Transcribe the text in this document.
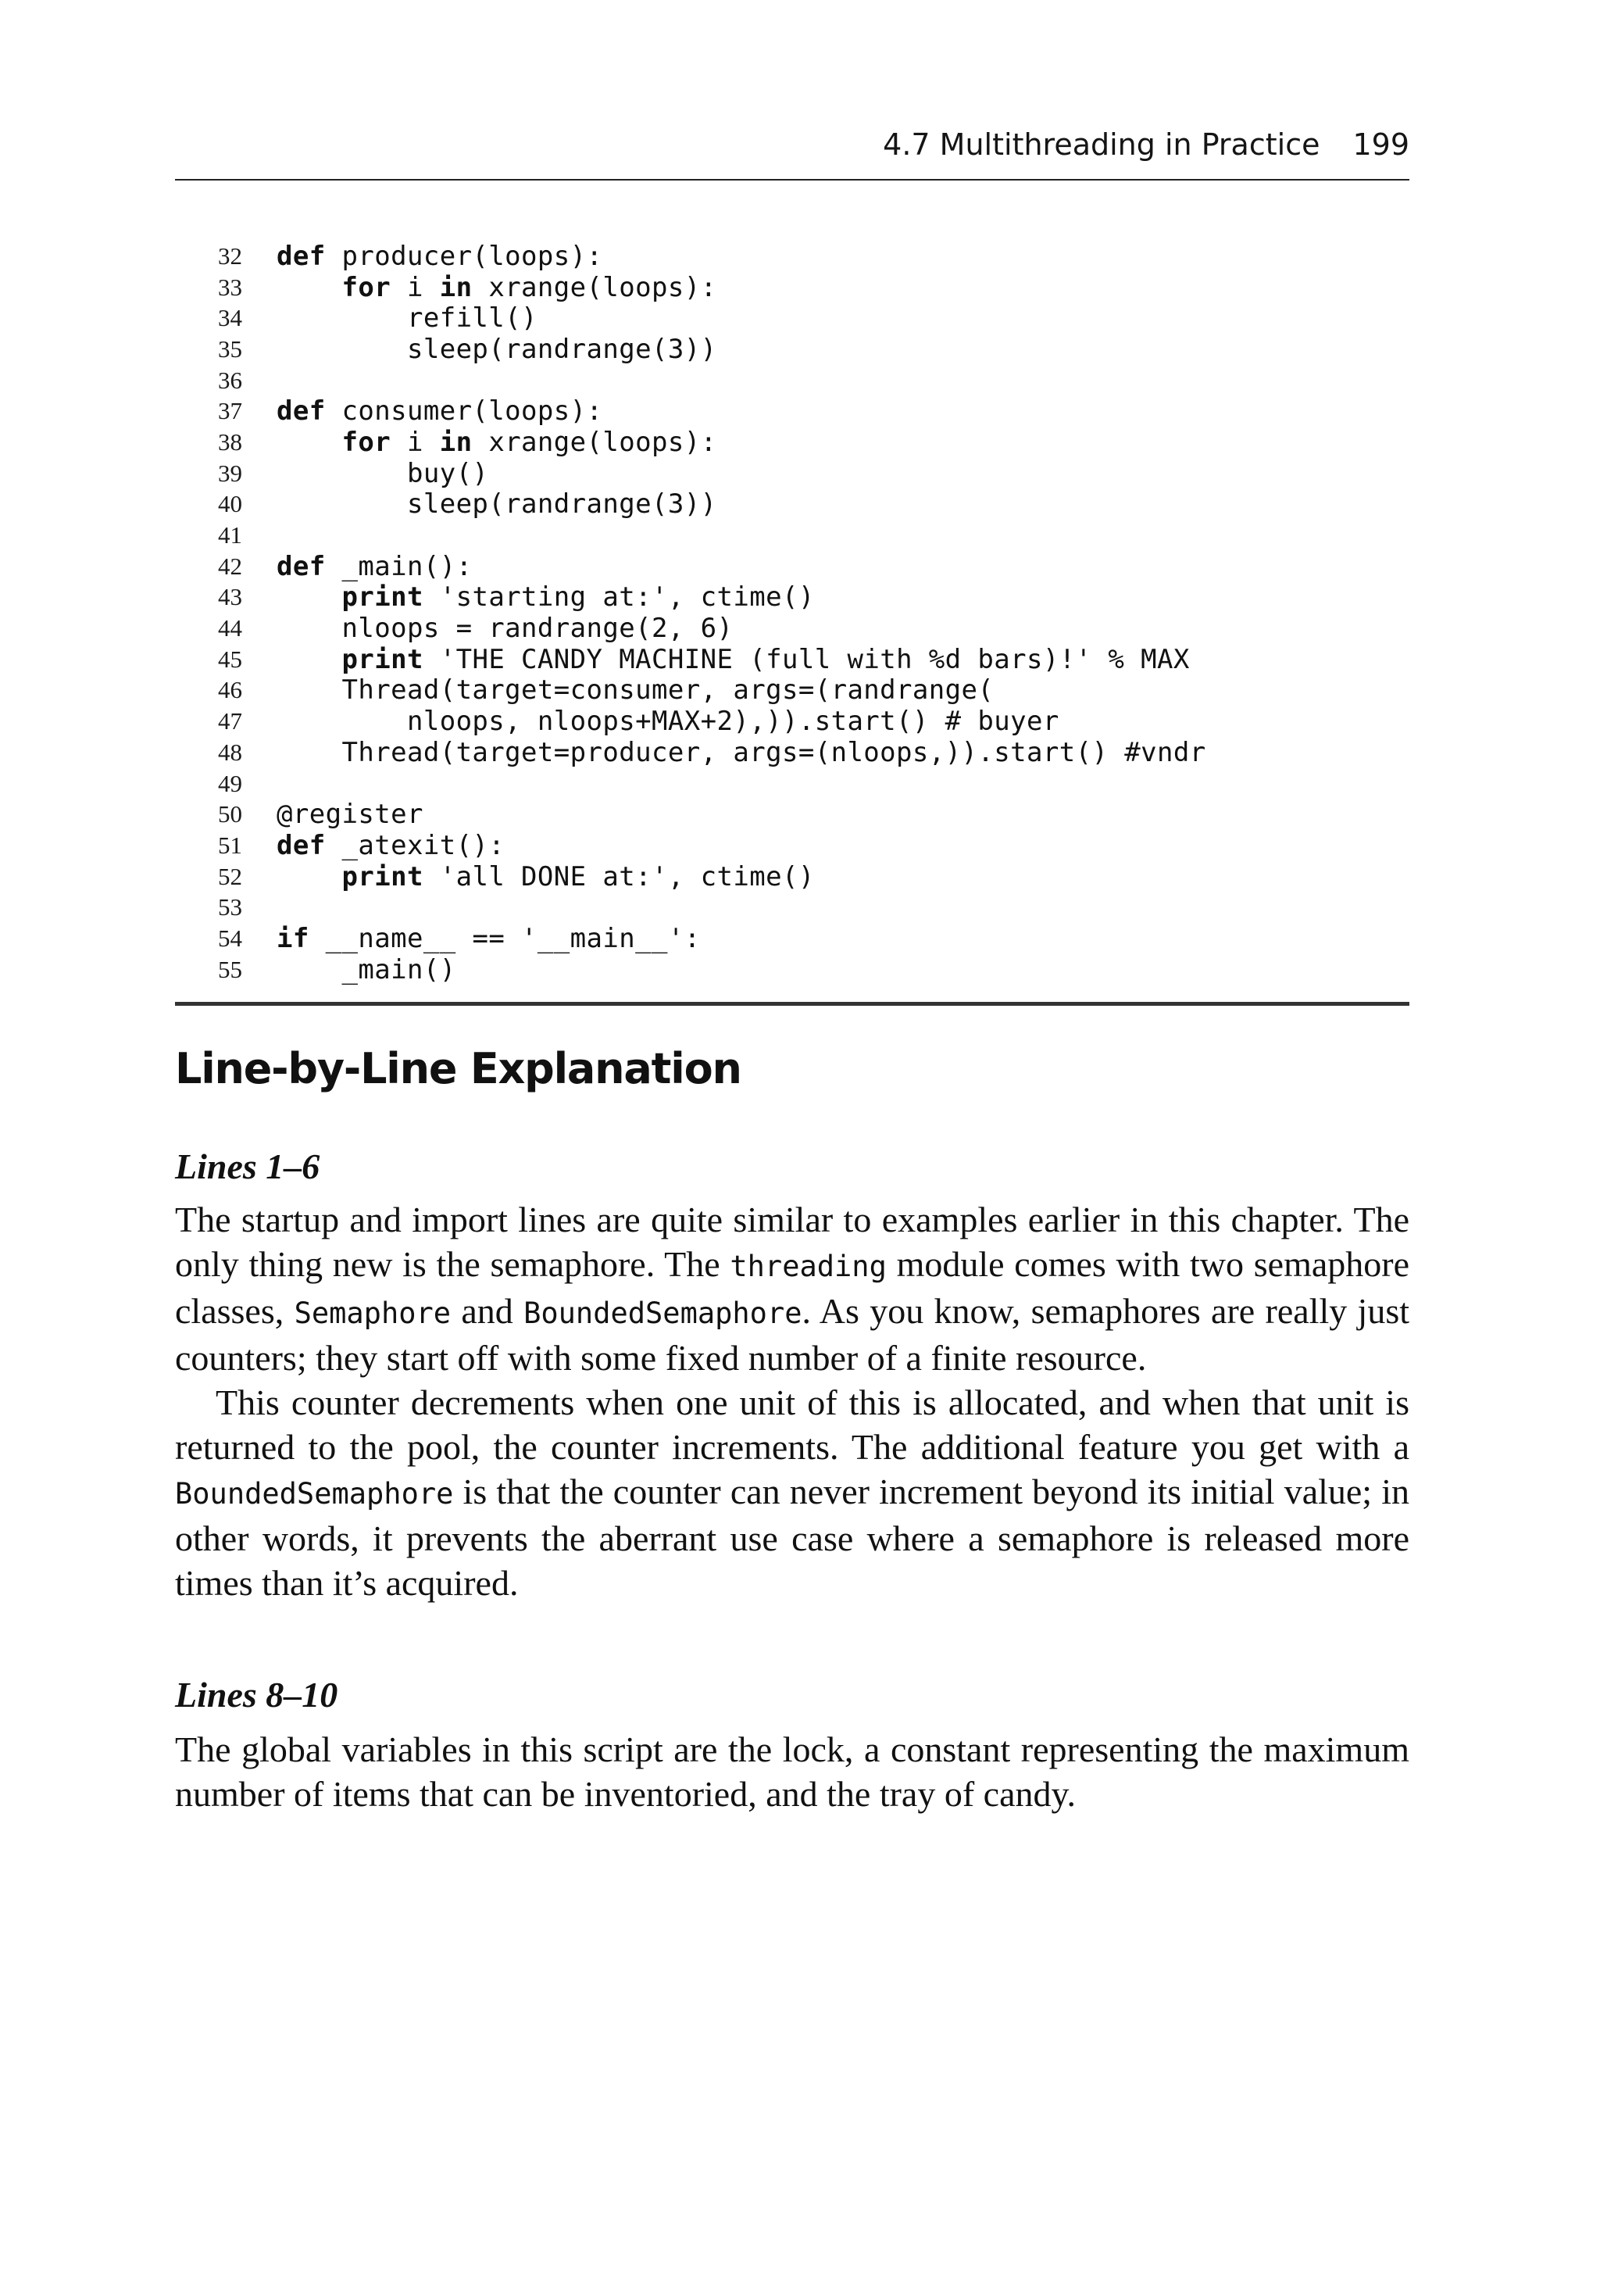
4.7 Multithreading in Practice 199
32 def producer(loops):
33	for i in xrange(loops):
34 refill()
35 sleep(randrange(3))
36
37 def consumer(loops):
38	for i in xrange(loops):
39 buy()
40 sleep(randrange(3))
41
42 def _main():
43	print 'starting at:', ctime()
44 nloops = randrange(2, 6)
45	print 'THE CANDY MACHINE (full with %d bars)!' % MAX
46 Thread(target=consumer, args=(randrange(
47 nloops, nloops+MAX+2),)).start() # buyer
48 Thread(target=producer, args=(nloops,)).start() #vndr
49
50 @register
51 def _atexit():
52	print 'all DONE at:', ctime()
53
54 if __name__ == '__main__':
55 _main()
Line-by-Line Explanation
Lines 1–6

The startup and import lines are quite similar to examples earlier in this chapter. The only thing new is the semaphore. The threading module comes with two semaphore classes, Semaphore and BoundedSemaphore. As you know, semaphores are really just counters; they start off with some fixed number of a finite resource.

This counter decrements when one unit of this is allocated, and when that unit is returned to the pool, the counter increments. The additional feature you get with a BoundedSemaphore is that the counter can never increment beyond its initial value; in other words, it prevents the aberrant use case where a semaphore is released more times than it’s acquired.

Lines 8–10

The global variables in this script are the lock, a constant representing the maximum number of items that can be inventoried, and the tray of candy.
